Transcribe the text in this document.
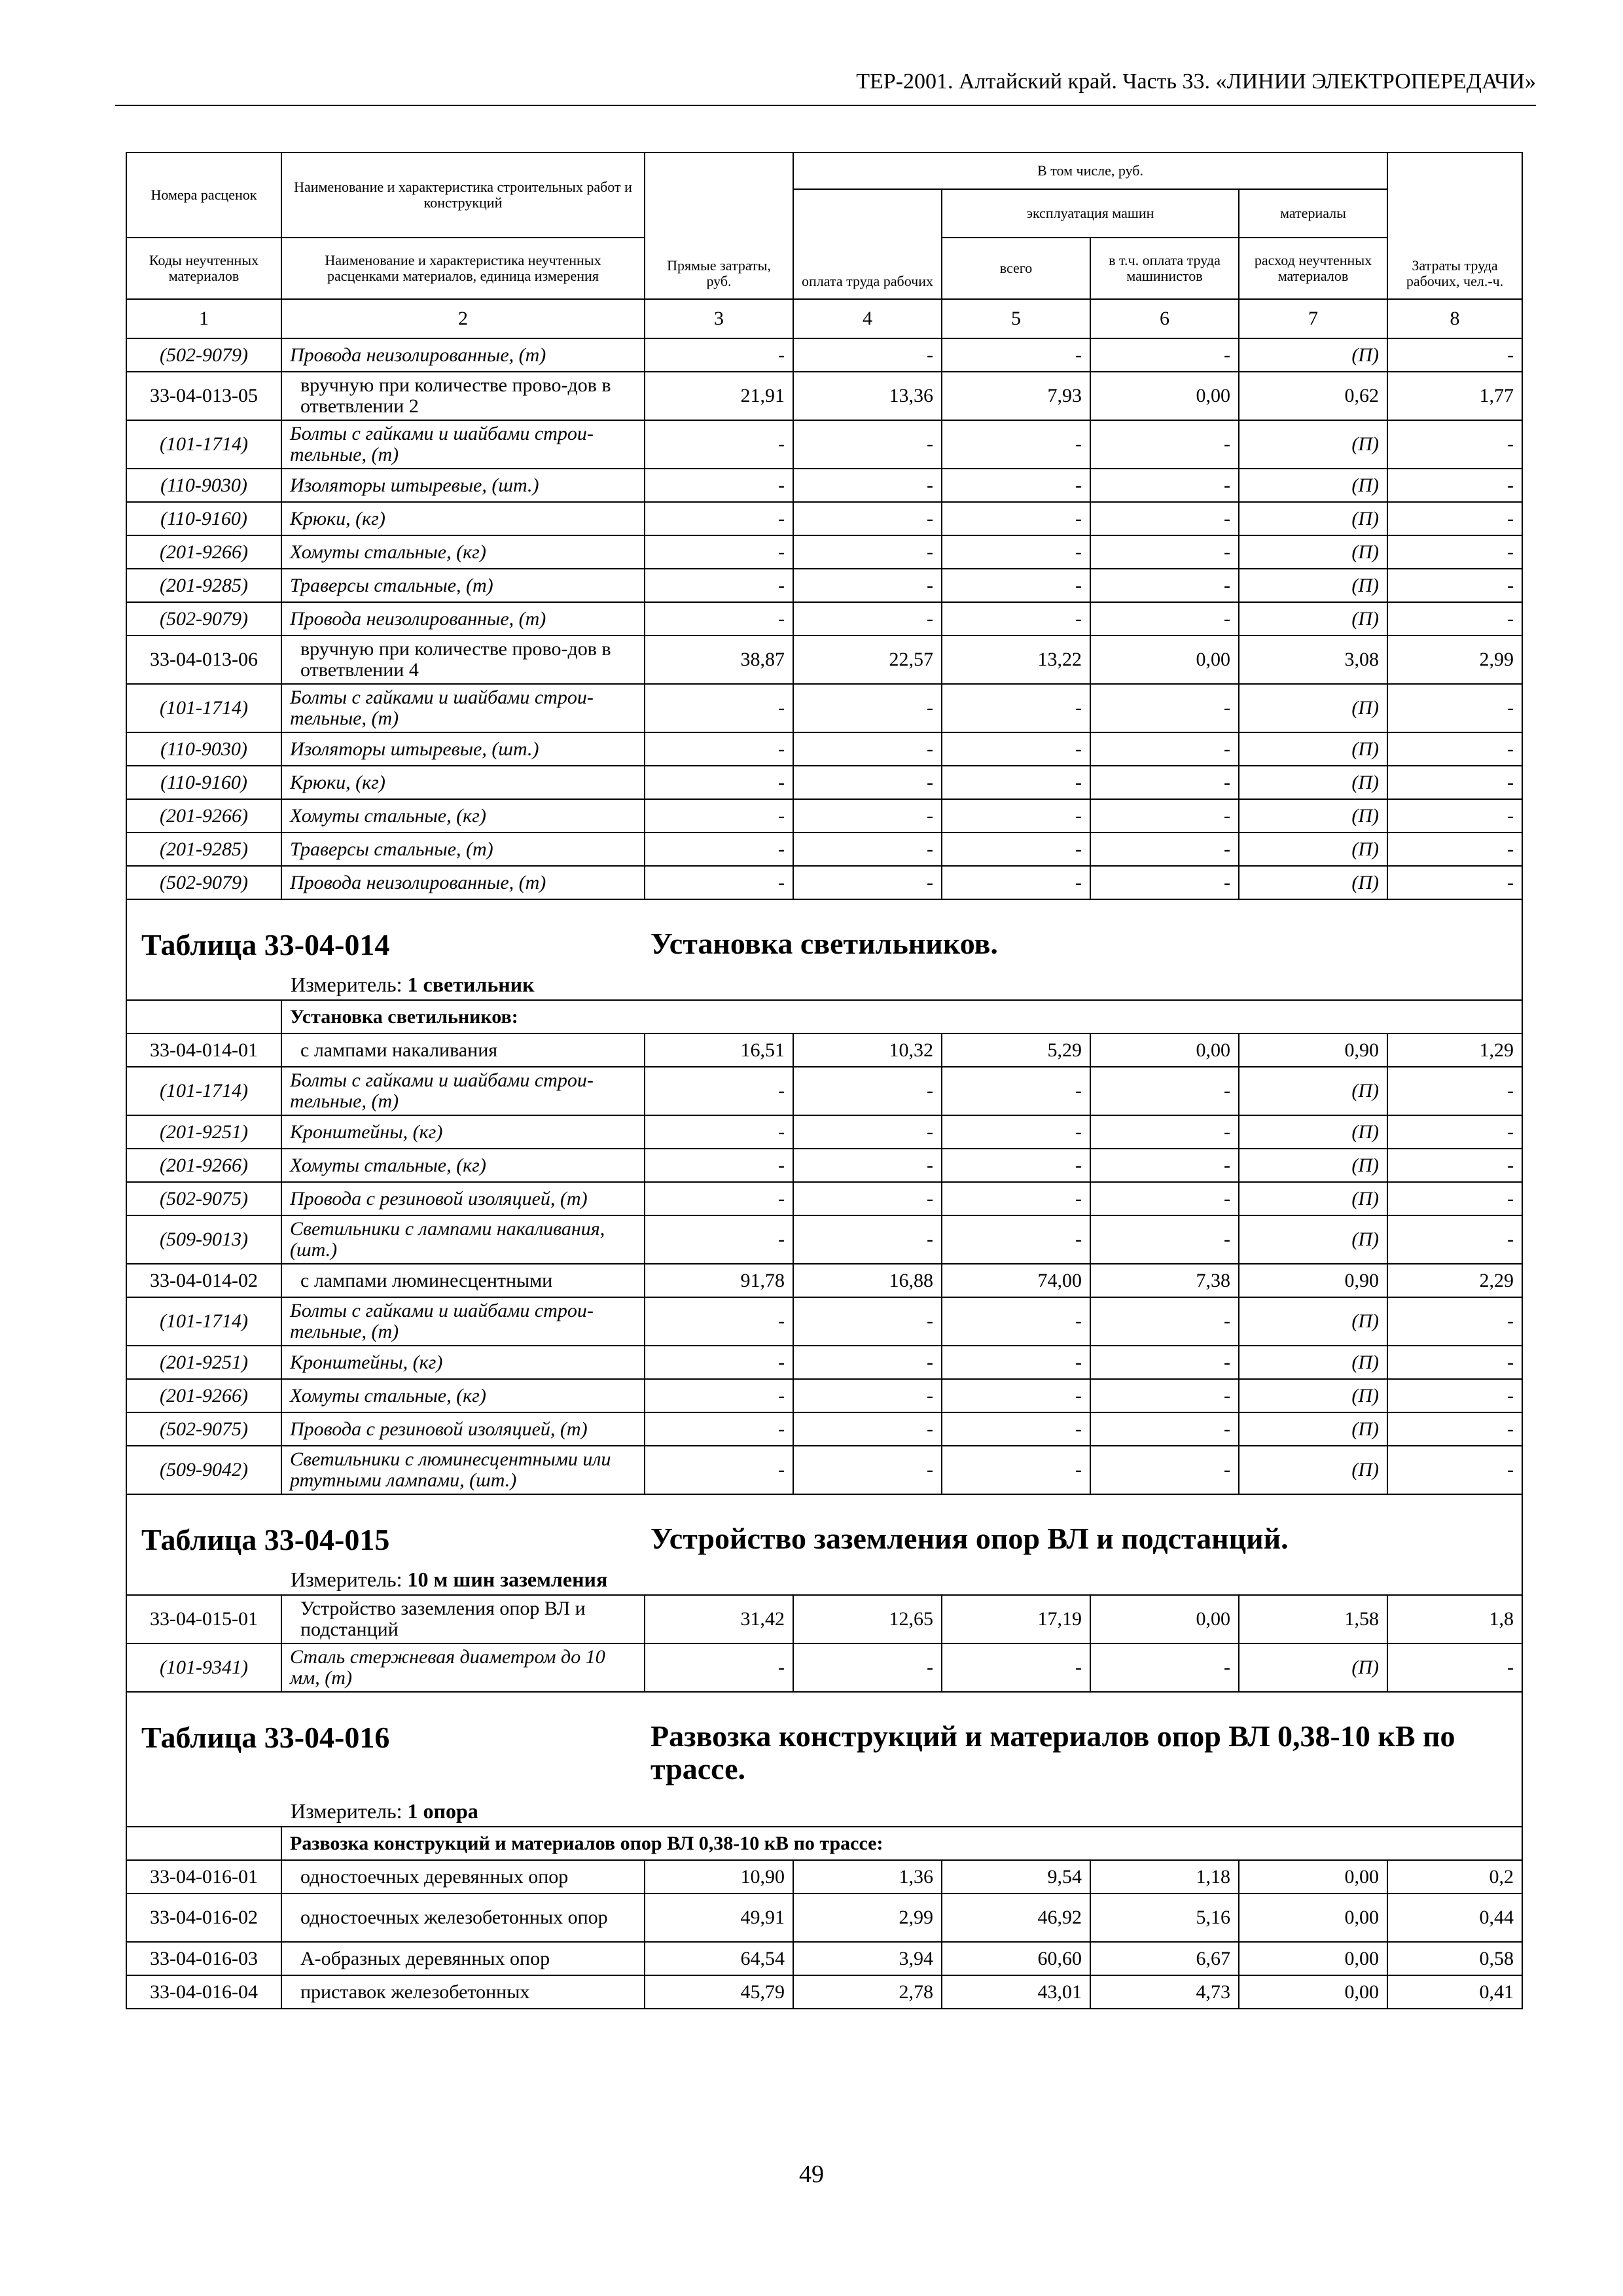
ТЕР-2001. Алтайский край. Часть 33. «ЛИНИИ ЭЛЕКТРОПЕРЕДАЧИ»
Номера расценок	Наименование и характеристика строительных работ и конструкций	Прямые затраты, руб.	В том числе, руб.				Затраты труда рабочих, чел.-ч.
			оплата труда рабочих	эксплуатация машин		материалы	
Коды неучтенных материалов	Наименование и характеристика неучтенных расценками материалов, единица измерения			всего	в т.ч. оплата труда машинистов	расход неучтенных материалов	
1	2	3	4	5	6	7	8
(502-9079)	Провода неизолированные, (т)	-	-	-	-	(П)	-
33-04-013-05	вручную при количестве прово-дов в ответвлении 2	21,91	13,36	7,93	0,00	0,62	1,77
(101-1714)	Болты с гайками и шайбами строи-тельные, (т)	-	-	-	-	(П)	-
(110-9030)	Изоляторы штыревые, (шт.)	-	-	-	-	(П)	-
(110-9160)	Крюки, (кг)	-	-	-	-	(П)	-
(201-9266)	Хомуты стальные, (кг)	-	-	-	-	(П)	-
(201-9285)	Траверсы стальные, (т)	-	-	-	-	(П)	-
(502-9079)	Провода неизолированные, (т)	-	-	-	-	(П)	-
33-04-013-06	вручную при количестве прово-дов в ответвлении 4	38,87	22,57	13,22	0,00	3,08	2,99
(101-1714)	Болты с гайками и шайбами строи-тельные, (т)	-	-	-	-	(П)	-
(110-9030)	Изоляторы штыревые, (шт.)	-	-	-	-	(П)	-
(110-9160)	Крюки, (кг)	-	-	-	-	(П)	-
(201-9266)	Хомуты стальные, (кг)	-	-	-	-	(П)	-
(201-9285)	Траверсы стальные, (т)	-	-	-	-	(П)	-
(502-9079)	Провода неизолированные, (т)	-	-	-	-	(П)	-

Таблица 33-04-014 Установка светильников.
Измеритель: 1 светильник							

	Установка светильников:						
33-04-014-01	с лампами накаливания	16,51	10,32	5,29	0,00	0,90	1,29
(101-1714)	Болты с гайками и шайбами строи-тельные, (т)	-	-	-	-	(П)	-
(201-9251)	Кронштейны, (кг)	-	-	-	-	(П)	-
(201-9266)	Хомуты стальные, (кг)	-	-	-	-	(П)	-
(502-9075)	Провода с резиновой изоляцией, (т)	-	-	-	-	(П)	-
(509-9013)	Светильники с лампами накаливания, (шт.)	-	-	-	-	(П)	-
33-04-014-02	с лампами люминесцентными	91,78	16,88	74,00	7,38	0,90	2,29
(101-1714)	Болты с гайками и шайбами строи-тельные, (т)	-	-	-	-	(П)	-
(201-9251)	Кронштейны, (кг)	-	-	-	-	(П)	-
(201-9266)	Хомуты стальные, (кг)	-	-	-	-	(П)	-
(502-9075)	Провода с резиновой изоляцией, (т)	-	-	-	-	(П)	-
(509-9042)	Светильники с люминесцентными или ртутными лампами, (шт.)	-	-	-	-	(П)	-

Таблица 33-04-015 Устройство заземления опор ВЛ и подстанций.
Измеритель: 10 м шин заземления							

33-04-015-01	Устройство заземления опор ВЛ и подстанций	31,42	12,65	17,19	0,00	1,58	1,8
(101-9341)	Сталь стержневая диаметром до 10 мм, (т)	-	-	-	-	(П)	-

Таблица 33-04-016 Развозка конструкций и материалов опор ВЛ 0,38-10 кВ по трассе.
Измеритель: 1 опора							

	Развозка конструкций и материалов опор ВЛ 0,38-10 кВ по трассе:						
33-04-016-01	одностоечных деревянных опор	10,90	1,36	9,54	1,18	0,00	0,2
33-04-016-02	одностоечных железобетонных опор	49,91	2,99	46,92	5,16	0,00	0,44
33-04-016-03	А-образных деревянных опор	64,54	3,94	60,60	6,67	0,00	0,58
33-04-016-04	приставок железобетонных	45,79	2,78	43,01	4,73	0,00	0,41
49
